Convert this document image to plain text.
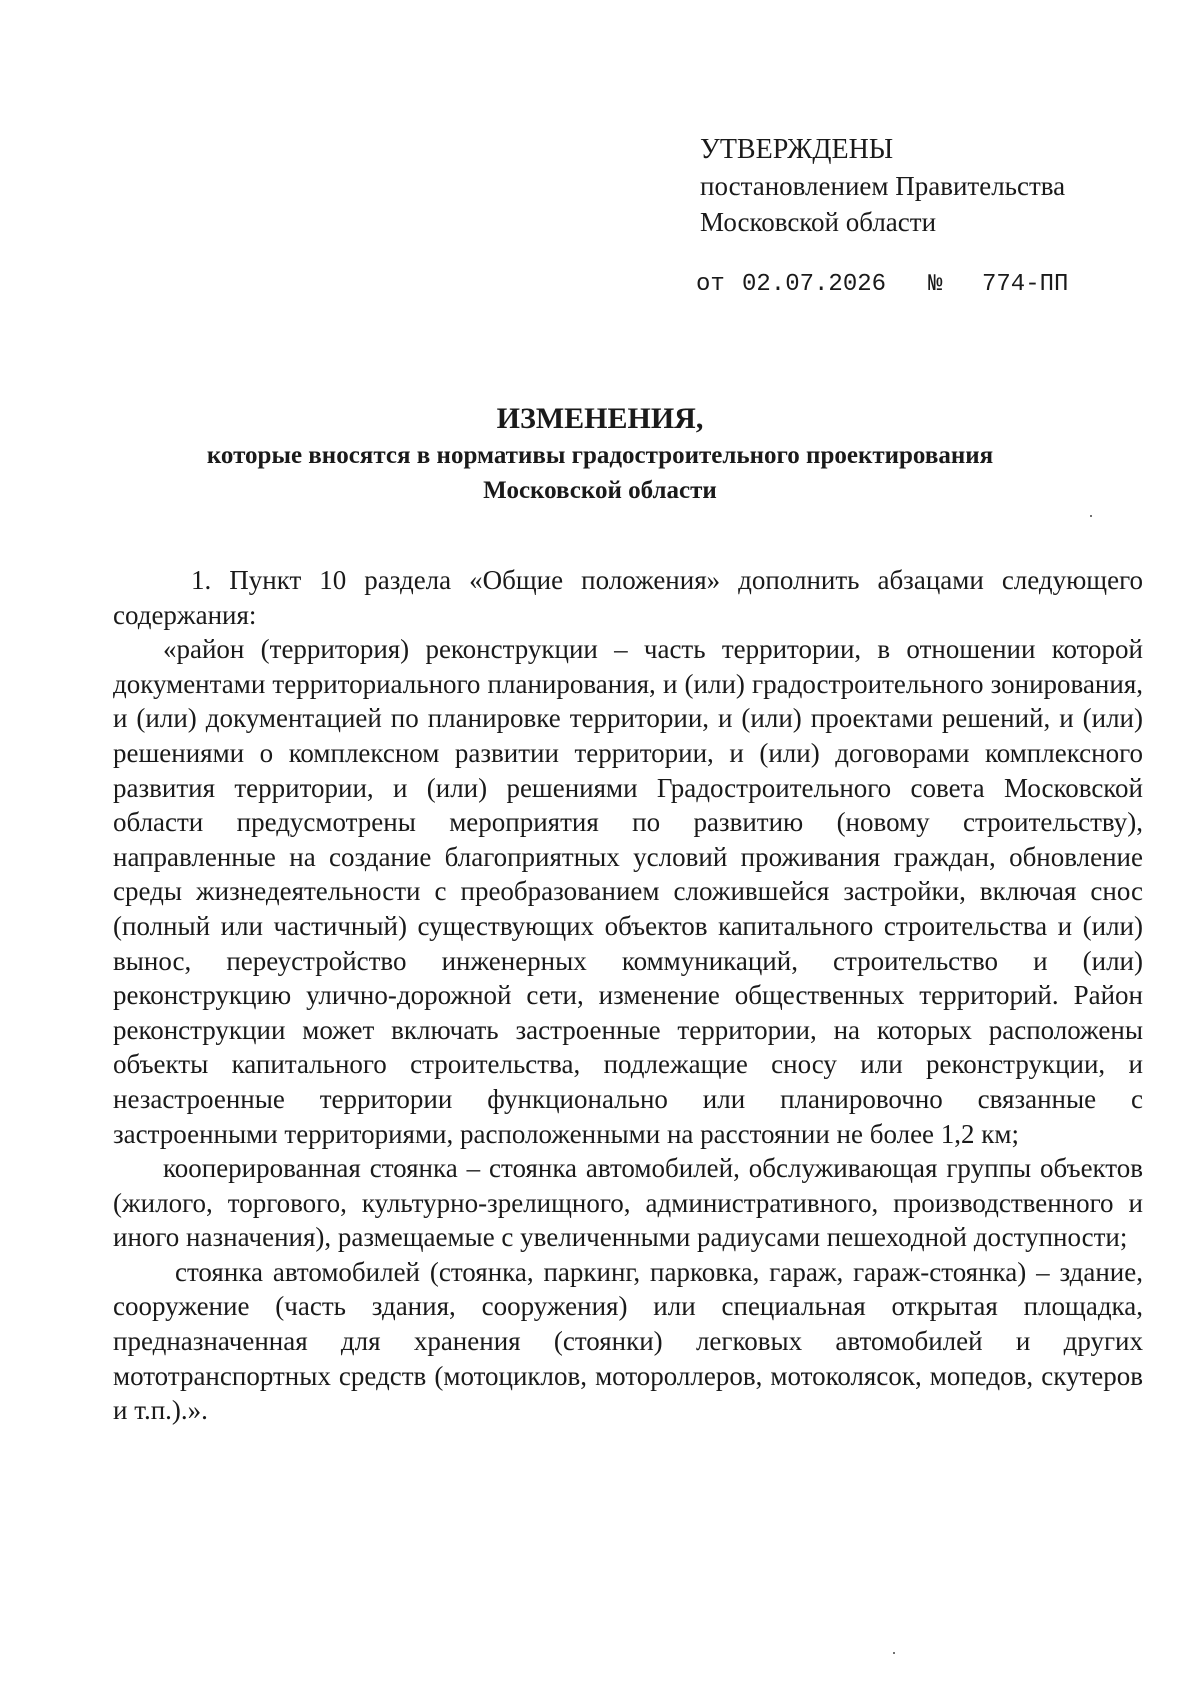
УТВЕРЖДЕНЫ
постановлением Правительства
Московской области
от 02.07.2026 № 774-ПП
ИЗМЕНЕНИЯ,
которые вносятся в нормативы градостроительного проектирования
Московской области

1. Пункт 10 раздела «Общие положения» дополнить абзацами следующего содержания:

«район (территория) реконструкции – часть территории, в отношении которой документами территориального планирования, и (или) градостроительного зонирования, и (или) документацией по планировке территории, и (или) проектами решений, и (или) решениями о комплексном развитии территории, и (или) договорами комплексного развития территории, и (или) решениями Градостроительного совета Московской области предусмотрены мероприятия по развитию (новому строительству), направленные на создание благоприятных условий проживания граждан, обновление среды жизнедеятельности с преобразованием сложившейся застройки, включая снос (полный или частичный) существующих объектов капитального строительства и (или) вынос, переустройство инженерных коммуникаций, строительство и (или) реконструкцию улично-дорожной сети, изменение общественных территорий. Район реконструкции может включать застроенные территории, на которых расположены объекты капитального строительства, подлежащие сносу или реконструкции, и незастроенные территории функционально или планировочно связанные с застроенными территориями, расположенными на расстоянии не более 1,2 км;

кооперированная стоянка – стоянка автомобилей, обслуживающая группы объектов (жилого, торгового, культурно-зрелищного, административного, производственного и иного назначения), размещаемые с увеличенными радиусами пешеходной доступности;

стоянка автомобилей (стоянка, паркинг, парковка, гараж, гараж-стоянка) – здание, сооружение (часть здания, сооружения) или специальная открытая площадка, предназначенная для хранения (стоянки) легковых автомобилей и других мототранспортных средств (мотоциклов, мотороллеров, мотоколясок, мопедов, скутеров и т.п.).».
